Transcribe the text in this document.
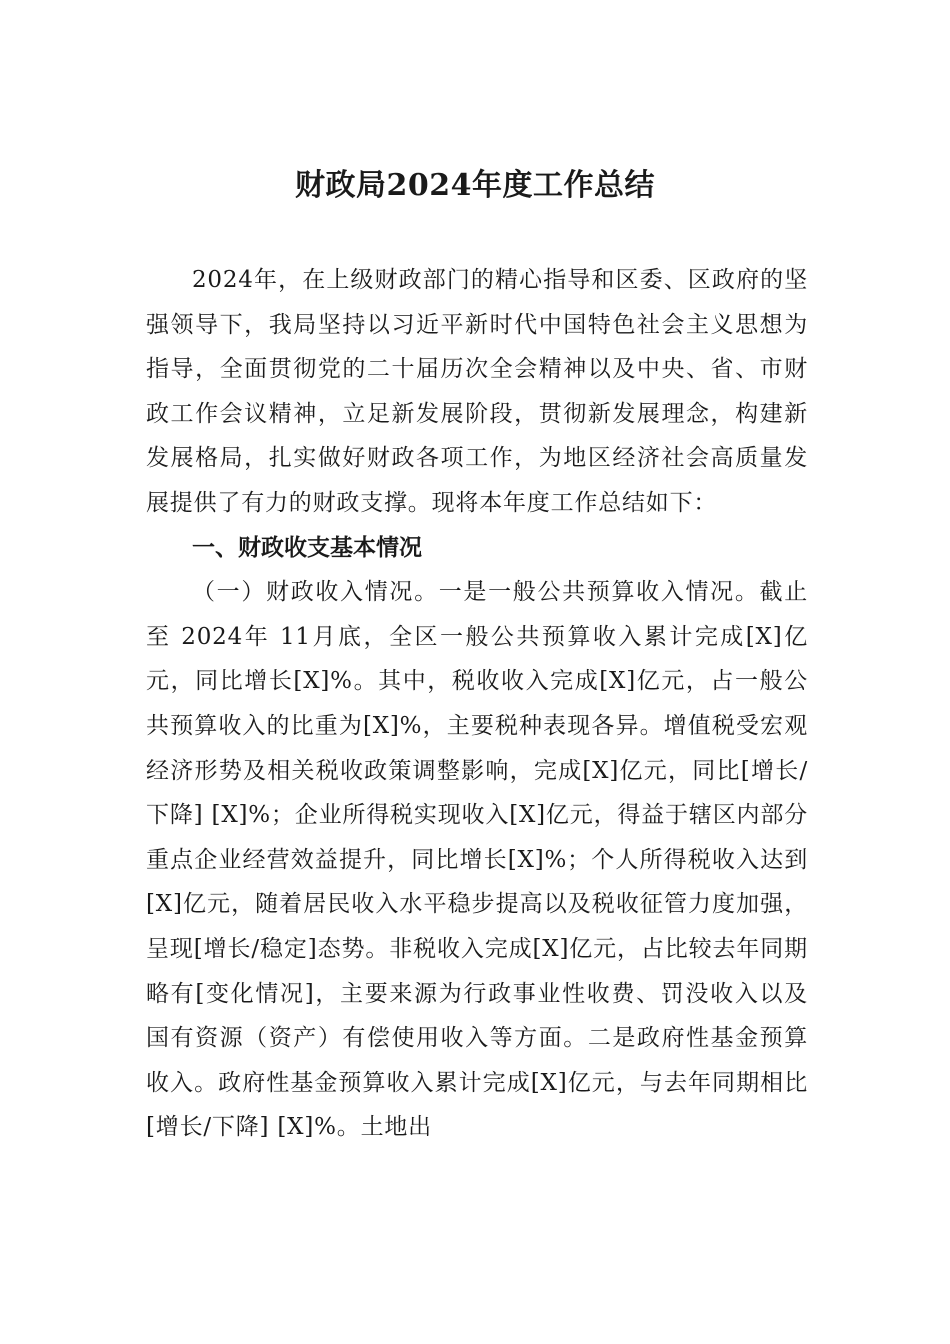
财政局2024年度工作总结

2024年，在上级财政部门的精心指导和区委、区政府的坚强领导下，我局坚持以习近平新时代中国特色社会主义思想为指导，全面贯彻党的二十届历次全会精神以及中央、省、市财政工作会议精神，立足新发展阶段，贯彻新发展理念，构建新发展格局，扎实做好财政各项工作，为地区经济社会高质量发展提供了有力的财政支撑。现将本年度工作总结如下：

一、财政收支基本情况

（一）财政收入情况。一是一般公共预算收入情况。截止至 2024年 11月底，全区一般公共预算收入累计完成[X]亿元，同比增长[X]%。其中，税收收入完成[X]亿元，占一般公共预算收入的比重为[X]%，主要税种表现各异。增值税受宏观经济形势及相关税收政策调整影响，完成[X]亿元，同比[增长/下降] [X]%；企业所得税实现收入[X]亿元，得益于辖区内部分重点企业经营效益提升，同比增长[X]%；个人所得税收入达到[X]亿元，随着居民收入水平稳步提高以及税收征管力度加强，呈现[增长/稳定]态势。非税收入完成[X]亿元，占比较去年同期略有[变化情况]，主要来源为行政事业性收费、罚没收入以及国有资源（资产）有偿使用收入等方面。二是政府性基金预算收入。政府性基金预算收入累计完成[X]亿元，与去年同期相比[增长/下降] [X]%。土地出
